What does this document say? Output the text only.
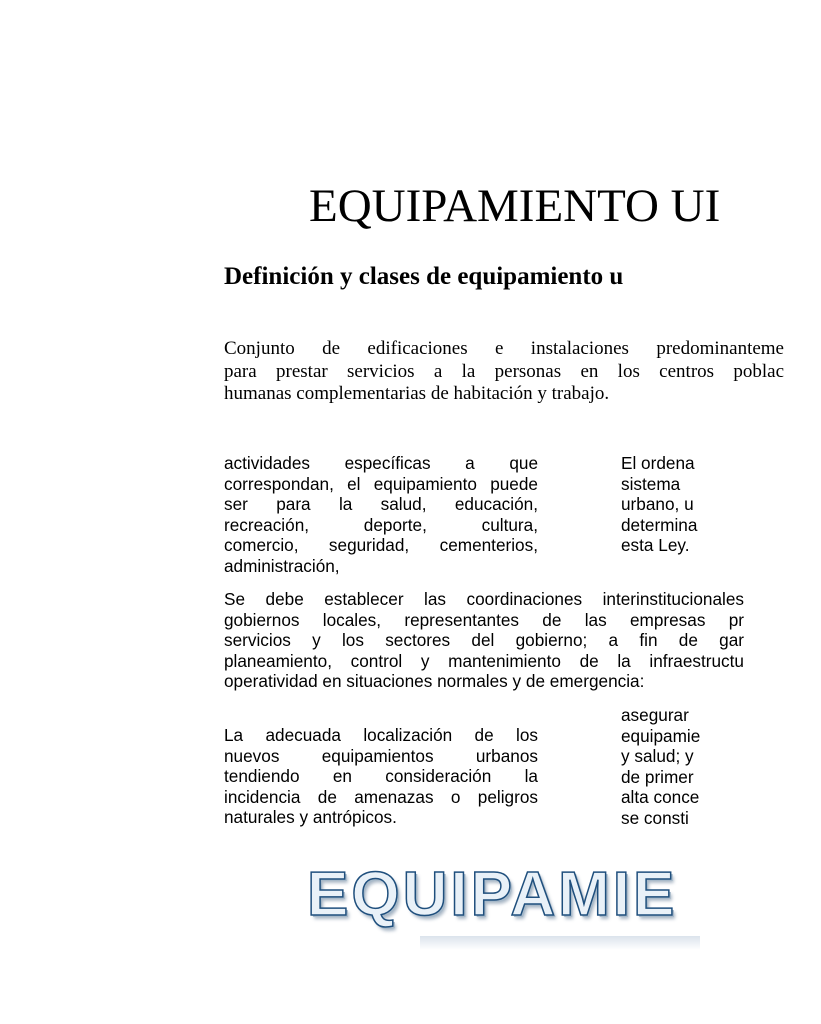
EQUIPAMIENTO UI
Definición y clases de equipamiento u
Conjunto de edificaciones e instalaciones predominanteme
para prestar servicios a la personas en los centros poblac
humanas complementarias de habitación y trabajo.
actividades específicas a que
correspondan, el equipamiento puede
ser para la salud, educación,
recreación, deporte, cultura,
comercio, seguridad, cementerios,
administración,
El ordena
sistema
urbano, u
determina
esta Ley.
Se debe establecer las coordinaciones interinstitucionales
gobiernos locales, representantes de las empresas pr
servicios y los sectores del gobierno; a fin de gar
planeamiento, control y mantenimiento de la infraestructu
operatividad en situaciones normales y de emergencia:
La adecuada localización de los
nuevos equipamientos urbanos
tendiendo en consideración la
incidencia de amenazas o peligros
naturales y antrópicos.
asegurar
equipamie
y salud; y
de primer
alta conce
se consti
EQUIPAMIE
